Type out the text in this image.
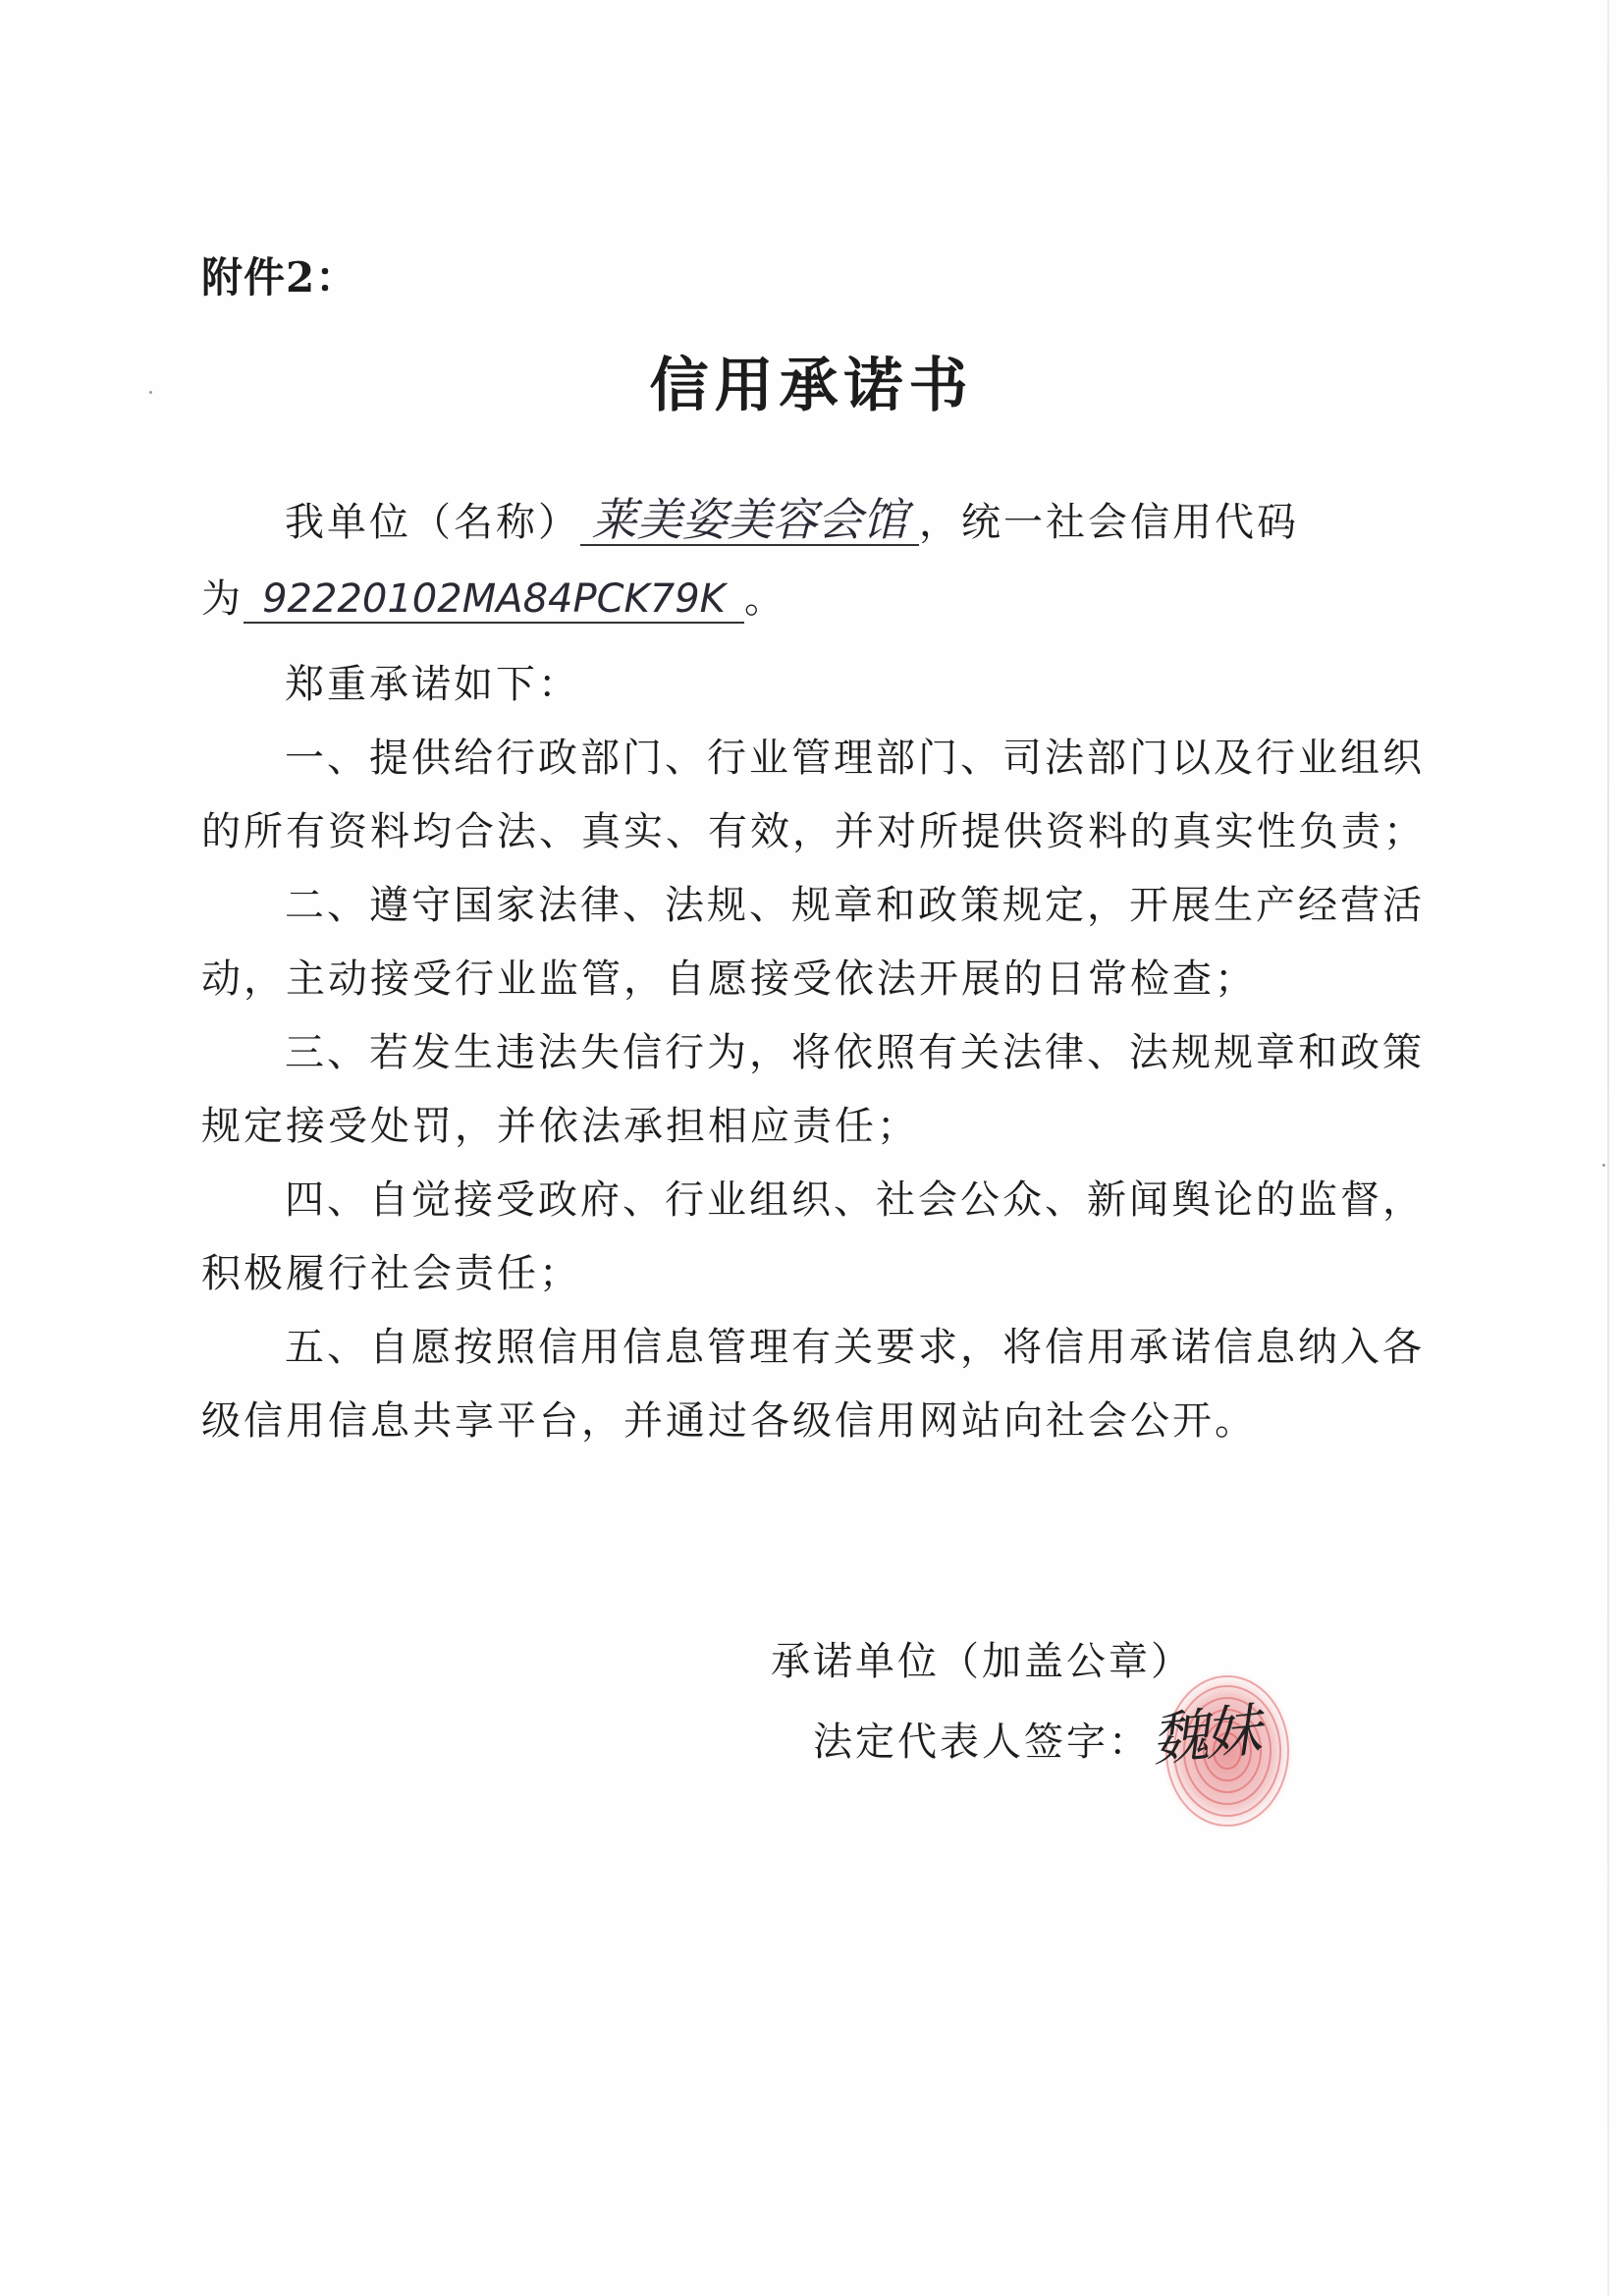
附件2：
信用承诺书
我单位（名称） 莱美姿美容会馆 ，统一社会信用代码
为 92220102MA84PCK79K 。
郑重承诺如下：
一、提供给行政部门、行业管理部门、司法部门以及行业组织
的所有资料均合法、真实、有效，并对所提供资料的真实性负责；
二、遵守国家法律、法规、规章和政策规定，开展生产经营活
动，主动接受行业监管，自愿接受依法开展的日常检查；
三、若发生违法失信行为，将依照有关法律、法规规章和政策
规定接受处罚，并依法承担相应责任；
四、自觉接受政府、行业组织、社会公众、新闻舆论的监督，
积极履行社会责任；
五、自愿按照信用信息管理有关要求，将信用承诺信息纳入各
级信用信息共享平台，并通过各级信用网站向社会公开。
承诺单位（加盖公章）
法定代表人签字：
魏妹
